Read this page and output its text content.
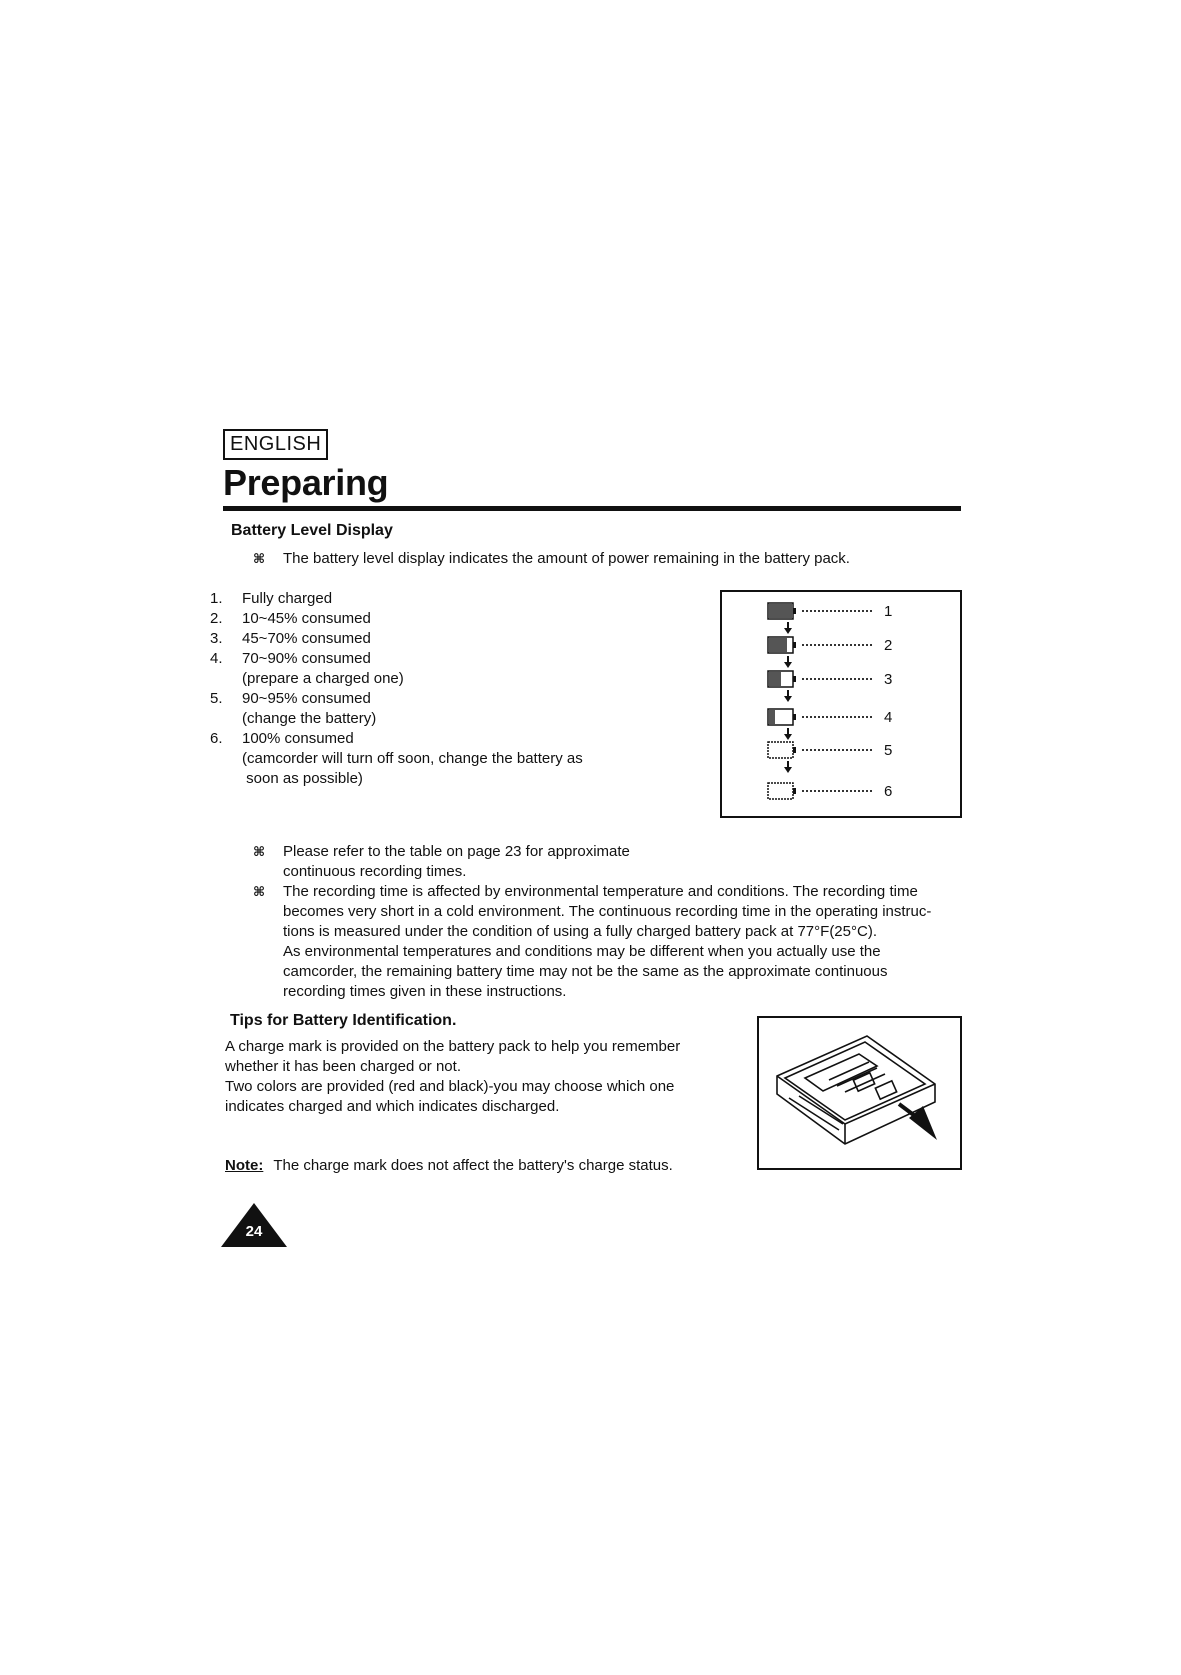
ENGLISH
Preparing
Battery Level Display
⌘	The battery level display indicates the amount of power remaining in the battery pack.
1.	Fully charged
2.	10~45% consumed
3.	45~70% consumed
4.	70~90% consumed
(prepare a charged one)
5.	90~95% consumed
(change the battery)
6.	100% consumed
(camcorder will turn off soon, change the battery as
soon as possible)
1
2
3
4
5
6
⌘	Please refer to the table on page 23 for approximate
continuous recording times.
⌘	The recording time is affected by environmental temperature and conditions. The recording time
becomes very short in a cold environment. The continuous recording time in the operating instruc-
tions is measured under the condition of using a fully charged battery pack at 77°F(25°C).
As environmental temperatures and conditions may be different when you actually use the
camcorder, the remaining battery time may not be the same as the approximate continuous
recording times given in these instructions.
Tips for Battery Identification.
A charge mark is provided on the battery pack to help you remember
whether it has been charged or not.
Two colors are provided (red and black)-you may choose which one
indicates charged and which indicates discharged.
Note: The charge mark does not affect the battery's charge status.
24
